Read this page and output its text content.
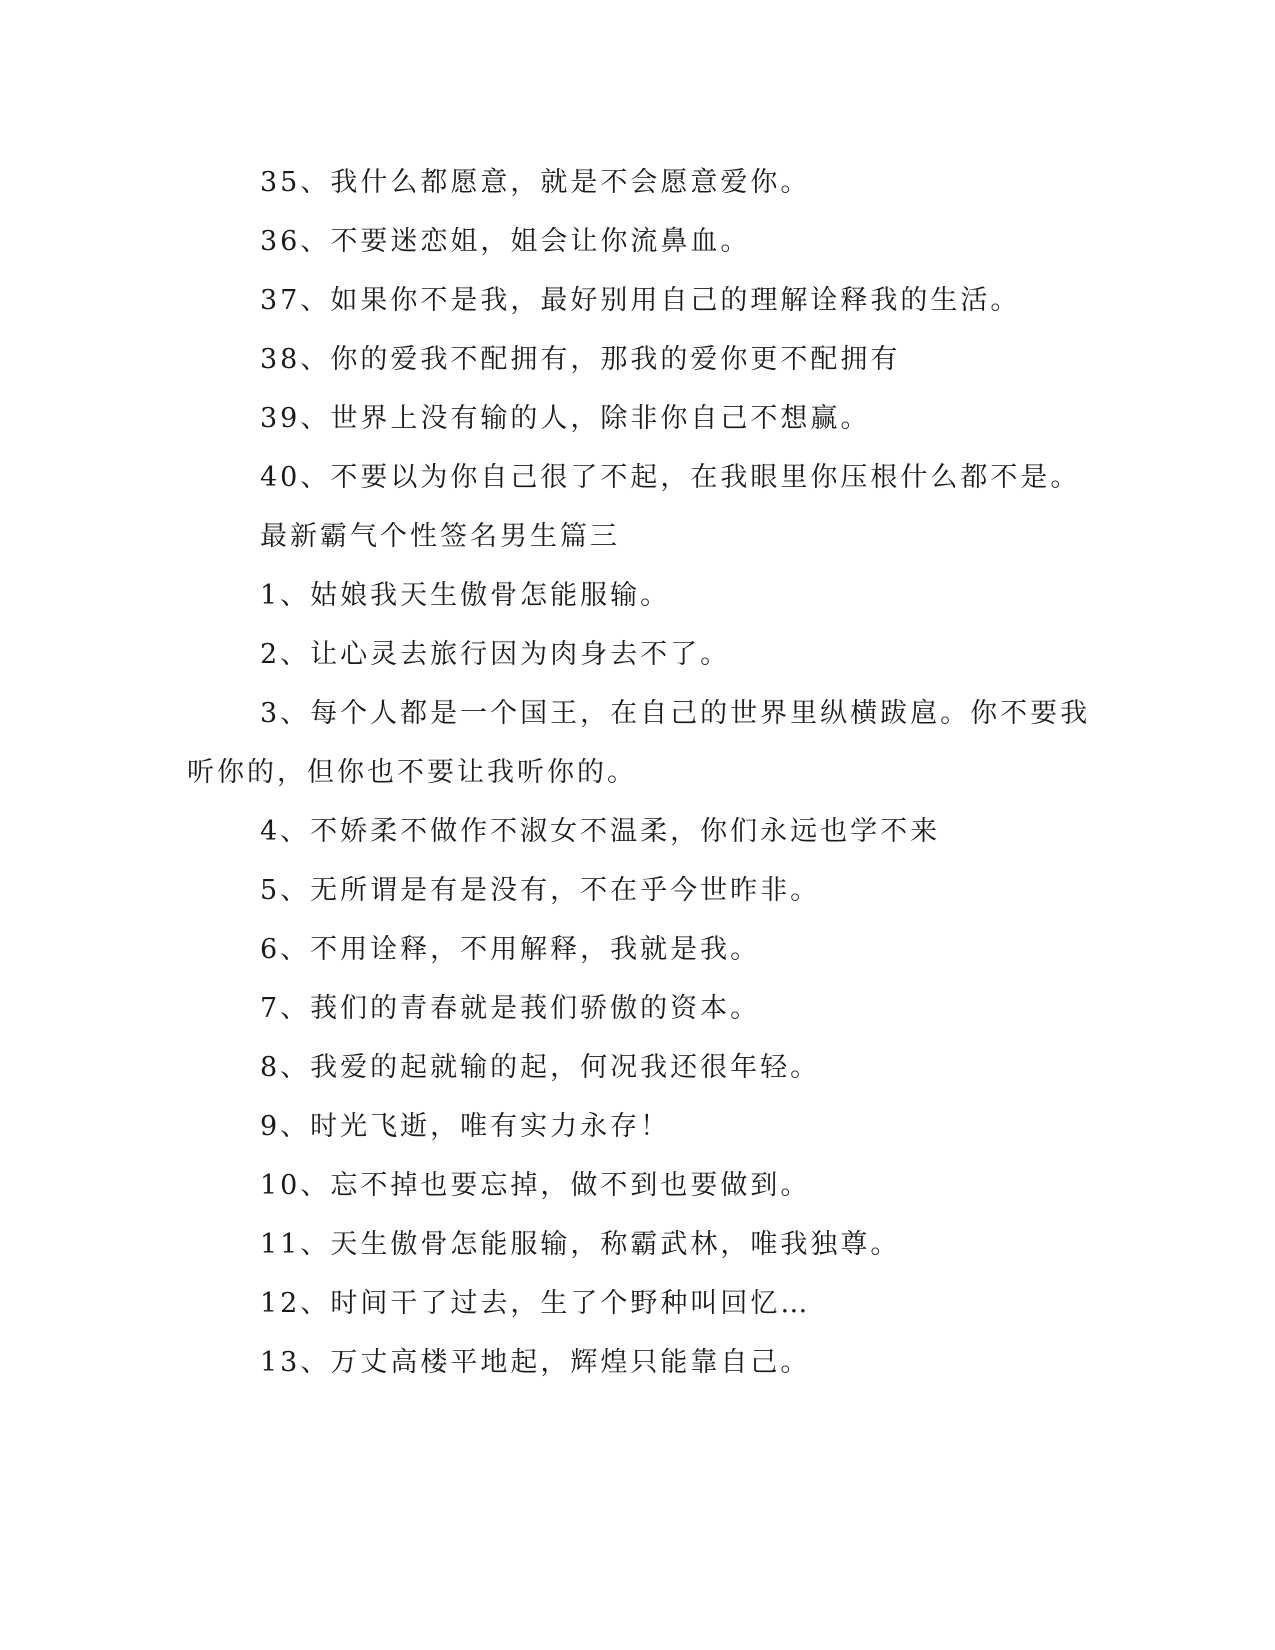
35、我什么都愿意，就是不会愿意爱你。
36、不要迷恋姐，姐会让你流鼻血。
37、如果你不是我，最好别用自己的理解诠释我的生活。
38、你的爱我不配拥有，那我的爱你更不配拥有
39、世界上没有输的人，除非你自己不想赢。
40、不要以为你自己很了不起，在我眼里你压根什么都不是。
最新霸气个性签名男生篇三
1、姑娘我天生傲骨怎能服输。
2、让心灵去旅行因为肉身去不了。
3、每个人都是一个国王，在自己的世界里纵横跋扈。你不要我
听你的，但你也不要让我听你的。
4、不娇柔不做作不淑女不温柔，你们永远也学不来
5、无所谓是有是没有，不在乎今世昨非。
6、不用诠释，不用解释，我就是我。
7、莪们的青春就是莪们骄傲的资本。
8、我爱的起就输的起，何况我还很年轻。
9、时光飞逝，唯有实力永存！
10、忘不掉也要忘掉，做不到也要做到。
11、天生傲骨怎能服输，称霸武林，唯我独尊。
12、时间干了过去，生了个野种叫回忆…
13、万丈高楼平地起，辉煌只能靠自己。
